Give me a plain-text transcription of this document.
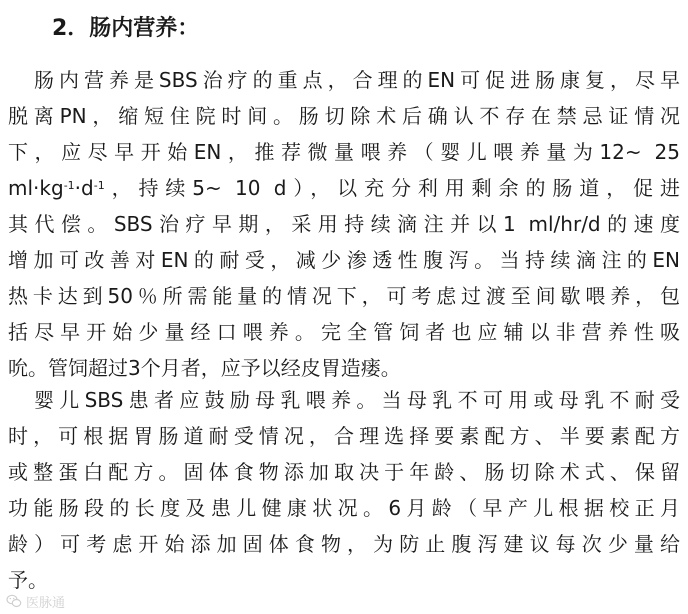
2．肠内营养：
肠内营养是SBS治疗的重点，合理的EN可促进肠康复，尽早
脱离PN，缩短住院时间。肠切除术后确认不存在禁忌证情况
下，应尽早开始EN，推荐微量喂养（婴儿喂养量为12~ 25
$ml\cdot kg^{-1}\cdot d^{-1}$，持续5~ 10 d），以充分利用剩余的肠道，促进
其代偿。SBS治疗早期，采用持续滴注并以1 ml/hr/d的速度
增加可改善对EN的耐受，减少渗透性腹泻。当持续滴注的EN
热卡达到50％所需能量的情况下，可考虑过渡至间歇喂养，包
括尽早开始少量经口喂养。完全管饲者也应辅以非营养性吸
吮。管饲超过3个月者，应予以经皮胃造瘘。
婴儿SBS患者应鼓励母乳喂养。当母乳不可用或母乳不耐受
时，可根据胃肠道耐受情况，合理选择要素配方、半要素配方
或整蛋白配方。固体食物添加取决于年龄、肠切除术式、保留
功能肠段的长度及患儿健康状况。6月龄（早产儿根据校正月
龄）可考虑开始添加固体食物，为防止腹泻建议每次少量给
予。
医脉通
